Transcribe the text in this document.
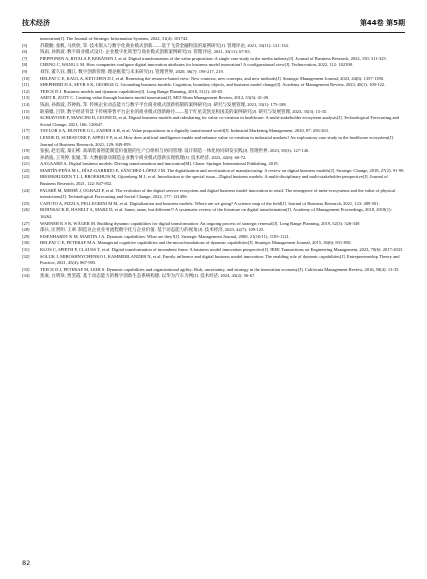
技术经济	第44卷 第5期

innovation[J]. The Journal of Strategic Information Systems, 2022, 31(4): 101742.

[5]	苏敬勤, 张帆, 马欣欣, 等. 技术嵌入与数字化商业模式创新——基于飞贷金融科技的案例研究[J]. 管理评论, 2021, 33(11): 121-134.

[6]	钱雨, 孙新波. 数字商业模式设计: 企业数字化转型与商业模式创新案例研究[J]. 管理评论, 2021, 33(11): 67-83.

[7]	PIEPPONEN A, RITALA P, KERÄNEN J, et al. Digital transformation of the value proposition: A single case study in the media industry[J]. Journal of Business Research, 2022, 150: 311-325.

[8]	CHENG C, WANG L M. How companies configure digital innovation attributes for business model innovation? A configurational view[J]. Technovation, 2022, 112: 102398.

[9]	刘洋, 董久钰, 魏江. 数字创新管理: 理论框架与未来研究[J]. 管理世界, 2020, 36(7): 198-217, 219.

[10]	HELFAT C E, KAUL A, KETCHEN D J, et al. Renewing the resource-based view: New contexts, new concepts, and new methods[J]. Strategic Management Journal, 2023, 44(6): 1357-1390.

[11]	SHEPHERD D A, SEYB S K, GEORGE G. Grounding business models: Cognition, boundary objects, and business model change[J]. Academy of Management Review, 2023, 48(1): 100-122.

[12]	TEECE D J. Business models and dynamic capabilities[J]. Long Range Planning, 2018, 51(1): 40-49.

[13]	AMIT R, ZOTT C. Creating value through business model innovation[J]. MIT Sloan Management Review, 2012, 53(3): 41-49.

[14]	钱雨, 孙新波, 苏钟海, 等. 传统企业动态能力与数字平台商业模式创新机制的案例研究[J]. 研究与发展管理, 2021, 33(1): 175-188.

[15]	耿菊徽, 吕铁. 数字经济背景下传统零售平台企业的商业模式创新路径——基于红星美凯龙和国美的案例研究[J]. 研究与发展管理, 2023, 35(3): 15-35.

[16]	SCHIAVONE F, MANCINI D, LEONE D, et al. Digital business models and ridesharing for value co-creation in healthcare: A multi-stakeholder ecosystem analysis[J]. Technological Forecasting and Social Change, 2021, 166: 120647.

[17]	TAYLOR S A, HUNTER G L, ZADEH A H, et al. Value propositions in a digitally transformed world[J]. Industrial Marketing Management, 2020, 87: 256-263.

[18]	LENOE D, SCHIAVONE F, APPIO F P, et al. How does artificial intelligence enable and enhance value co-creation in industrial markets? An exploratory case study in the healthcare ecosystem[J]. Journal of Business Research, 2021, 129: 849-859.

[19]	张振, 赵宏霞, 秦正彬. 高端装备智能制造价值链的生产自组织与协同管理: 设计制造一体化协同研发实践[J]. 管理世界, 2023, 39(3): 127-140.

[20]	孙新波, 王英婷, 张媛, 等. 大数据驱动制造企业数字商业模式创新实现机理[J]. 技术经济, 2023, 42(6): 60-72.

[21]	AAGAARD A. Digital business models: Driving transformation and innovation[M]. Cham: Springer International Publishing, 2019.

[22]	MARTÍN-PEÑA M L, DÍAZ-GARRIDO E, SÁNCHEZ-LÓPEZ J M. The digitalization and servitization of manufacturing: A review on digital business models[J]. Strategic Change, 2018, 27(2): 91-99.

[23]	BROEKHUIZEN T L J, BROEKHUIS M, Gijsenberg M J, et al. Introduction to the special issue—Digital business models: A multi-disciplinary and multi-stakeholder perspective[J]. Journal of Business Research, 2021, 122: 847-852.

[24]	PALMIÉ M, MIEHÉ J, OGHAZI P, et al. The evolution of the digital service ecosystem and digital business model innovation in retail: The emergence of meta-ecosystems and the value of physical interactions[J]. Technological Forecasting and Social Change, 2022, 177: 121496.

[25]	CAPUTO A, PIZZI S, PELLEGRINI M M, et al. Digitalization and business models: Where are we going? A science map of the field[J]. Journal of Business Research, 2021, 123: 489-501.

[26]	BOHNSACK R, HANELT A, MARZ D, et al. Same, same, but different!? A systematic review of the literature on digital transformation[J]. Academy of Management Proceedings, 2018, 2018(1): 16262.

[27]	WARNER K S R, WÄGER M. Building dynamic capabilities for digital transformation: An ongoing process of strategic renewal[J]. Long Range Planning, 2019, 52(3): 326-349.

[28]	邵兵, 匡贤明. 王翠. 制造业企业业务流程数字化与企业价值: 基于动态能力的视角[J]. 技术经济, 2023, 42(7): 109-125.

[29]	EISENHARDT K M, MARTIN J A. Dynamic capabilities: What are they?[J]. Strategic Management Journal, 2000, 21(10/11): 1105-1121.

[30]	HELFAT C E, PETERAF M A. Managerial cognitive capabilities and the microfoundations of dynamic capabilities[J]. Strategic Management Journal, 2015, 36(6): 831-850.

[31]	KLOS C, SPIETH P, CLAUSS T, et al. Digital transformation of incumbent firms: A business model innovation perspective[J]. IEEE Transactions on Engineering Management, 2023, 70(6): 2017-2033.

[32]	SOLUK J, MIROSHNYCHENKO I, KAMMERLANDER N, et al. Family influence and digital business model innovation: The enabling role of dynamic capabilities[J]. Entrepreneurship Theory and Practice, 2021, 45(4): 867-905.

[33]	TEECE D J, PETERAF M, LEIH S. Dynamic capabilities and organizational agility: Risk, uncertainty, and strategy in the innovation economy[J]. California Management Review, 2016, 58(4): 13-35.

[34]	焦豪, 白明珍, 贾坚霞. 基于动态能力的数字创新生态系统构建: 以华为汽车为例[J]. 技术经济, 2024, 43(2): 56-67.

82
